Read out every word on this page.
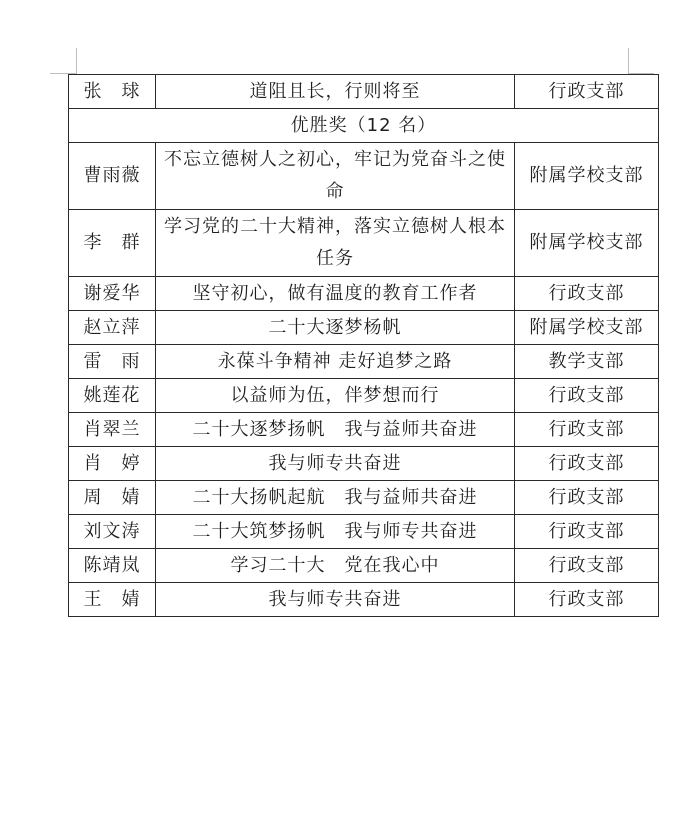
张　球	道阻且长，行则将至	行政支部
优胜奖（12 名）		
曹雨薇	不忘立德树人之初心，牢记为党奋斗之使命	附属学校支部
李　群	学习党的二十大精神，落实立德树人根本任务	附属学校支部
谢爱华	坚守初心，做有温度的教育工作者	行政支部
赵立萍	二十大逐梦杨帆	附属学校支部
雷　雨	永葆斗争精神 走好追梦之路	教学支部
姚莲花	以益师为伍，伴梦想而行	行政支部
肖翠兰	二十大逐梦扬帆　我与益师共奋进	行政支部
肖　婷	我与师专共奋进	行政支部
周　婧	二十大扬帆起航　我与益师共奋进	行政支部
刘文涛	二十大筑梦扬帆　我与师专共奋进	行政支部
陈靖岚	学习二十大　党在我心中	行政支部
王　婧	我与师专共奋进	行政支部
